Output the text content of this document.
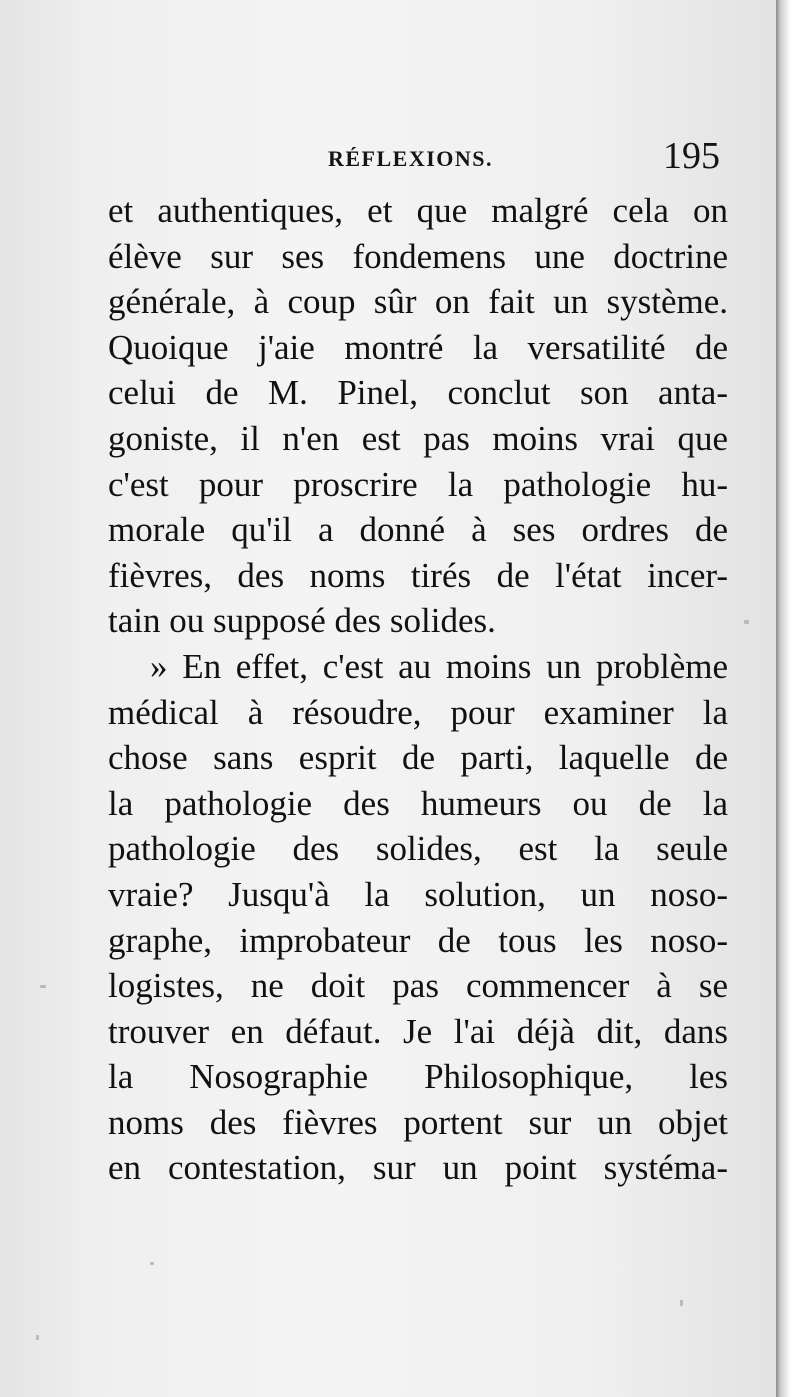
RÉFLEXIONS.	195
et authentiques, et que malgré cela on
élève sur ses fondemens une doctrine
générale, à coup sûr on fait un système.
Quoique j'aie montré la versatilité de
celui de M. Pinel, conclut son anta-
goniste, il n'en est pas moins vrai que
c'est pour proscrire la pathologie hu-
morale qu'il a donné à ses ordres de
fièvres, des noms tirés de l'état incer-
tain ou supposé des solides.
» En effet, c'est au moins un problème
médical à résoudre, pour examiner la
chose sans esprit de parti, laquelle de
la pathologie des humeurs ou de la
pathologie des solides, est la seule
vraie? Jusqu'à la solution, un noso-
graphe, improbateur de tous les noso-
logistes, ne doit pas commencer à se
trouver en défaut. Je l'ai déjà dit, dans
la Nosographie Philosophique, les
noms des fièvres portent sur un objet
en contestation, sur un point systéma-
